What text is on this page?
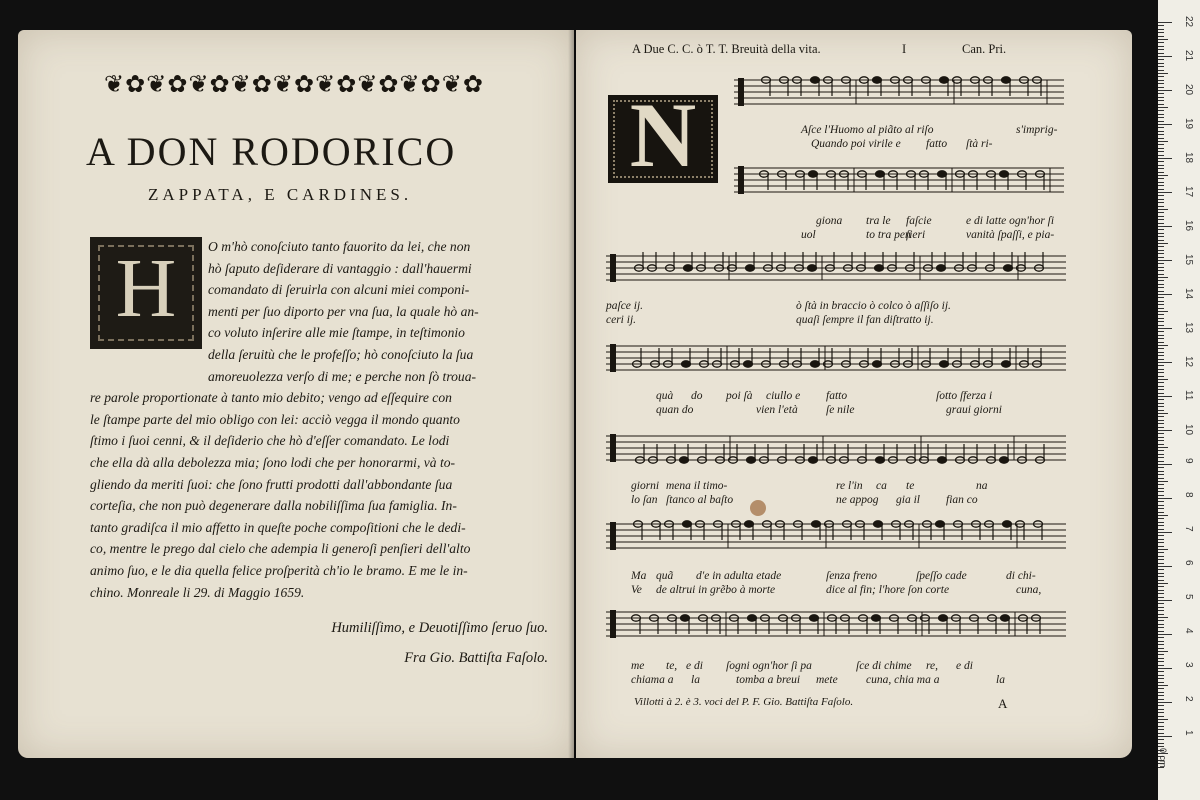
❦✿❦✿❦✿❦✿❦✿❦✿❦✿❦✿❦✿
A DON RODORICO
ZAPPATA, E CARDINES.
H	O m'hò conoſciuto tanto fauorito da lei, che non
hò ſaputo deſiderare di vantaggio : dall'hauermi
comandato di ſeruirla con alcuni miei componi-
menti per ſuo diporto per vna ſua, la quale hò an-
co voluto inſerire alle mie ſtampe, in teſtimonio
della ſeruitù che le profeſſo; hò conoſciuto la ſua
amoreuolezza verſo di me; e perche non ſò troua-
re parole proportionate à tanto mio debito; vengo ad eſſequire con
le ſtampe parte del mio obligo con lei: acciò vegga il mondo quanto
ſtimo i ſuoi cenni, & il deſiderio che hò d'eſſer comandato. Le lodi
che ella dà alla debolezza mia; ſono lodi che per honorarmi, và to-
gliendo da meriti ſuoi: che ſono frutti prodotti dall'abbondante ſua
corteſia, che non può degenerare dalla nobiliſſima ſua famiglia. In-
tanto gradiſca il mio affetto in queſte poche compoſitioni che le dedi-
co, mentre le prego dal cielo che adempia li generoſi penſieri dell'alto
animo ſuo, e le dia quella felice proſperità ch'io le bramo. E me le in-
chino. Monreale li 29. di Maggio 1659.
Humiliſſimo, e Deuotiſſimo ſeruo ſuo.
Fra Gio. Battiſta Faſolo.
A Due C. C. ò T. T. Breuità della vita.	I	Can. Pri.
N	Aſce l'Huomo al piãto al riſo	s'imprig-
Quando poi virile e fatto ſtà ri-
giona tra le faſcie	e di latte ogn'hor ſi
uol	to tra pen
ſieri	vanità ſpaſſi, e pia-
paſce ij.	ò ſtà in braccio ò colco ò aſſiſo ij.
ceri ij.	quaſi ſempre il fan diſtratto ij.
quà do poi ſà ciullo e fatto	ſotto ſferza i
quan do	vien l'età ſe nile	graui giorni
giorni mena il timo-	re l'in ca te	na
lo ſan ſtanco al baſto	ne appog gia il fian co
Ma quã d'e in adulta etade	ſenza freno	ſpeſſo cade	di chi-
Ve de altrui in grẽbo à morte	dice al fin; l'hore ſon corte	cuna,
me te, e di ſogni ogn'hor ſi pa	ſce di chime re, e di
chiama a la	tomba a breui mete cuna, chia ma a	la
Villotti à 2. è 3. voci del P. F. Gio. Battiſta Faſolo.	A
22
21
20
19
18
17
16
15
14
13
12
11
10
9
8
7
6
5
4
3
2
1
0 cm
